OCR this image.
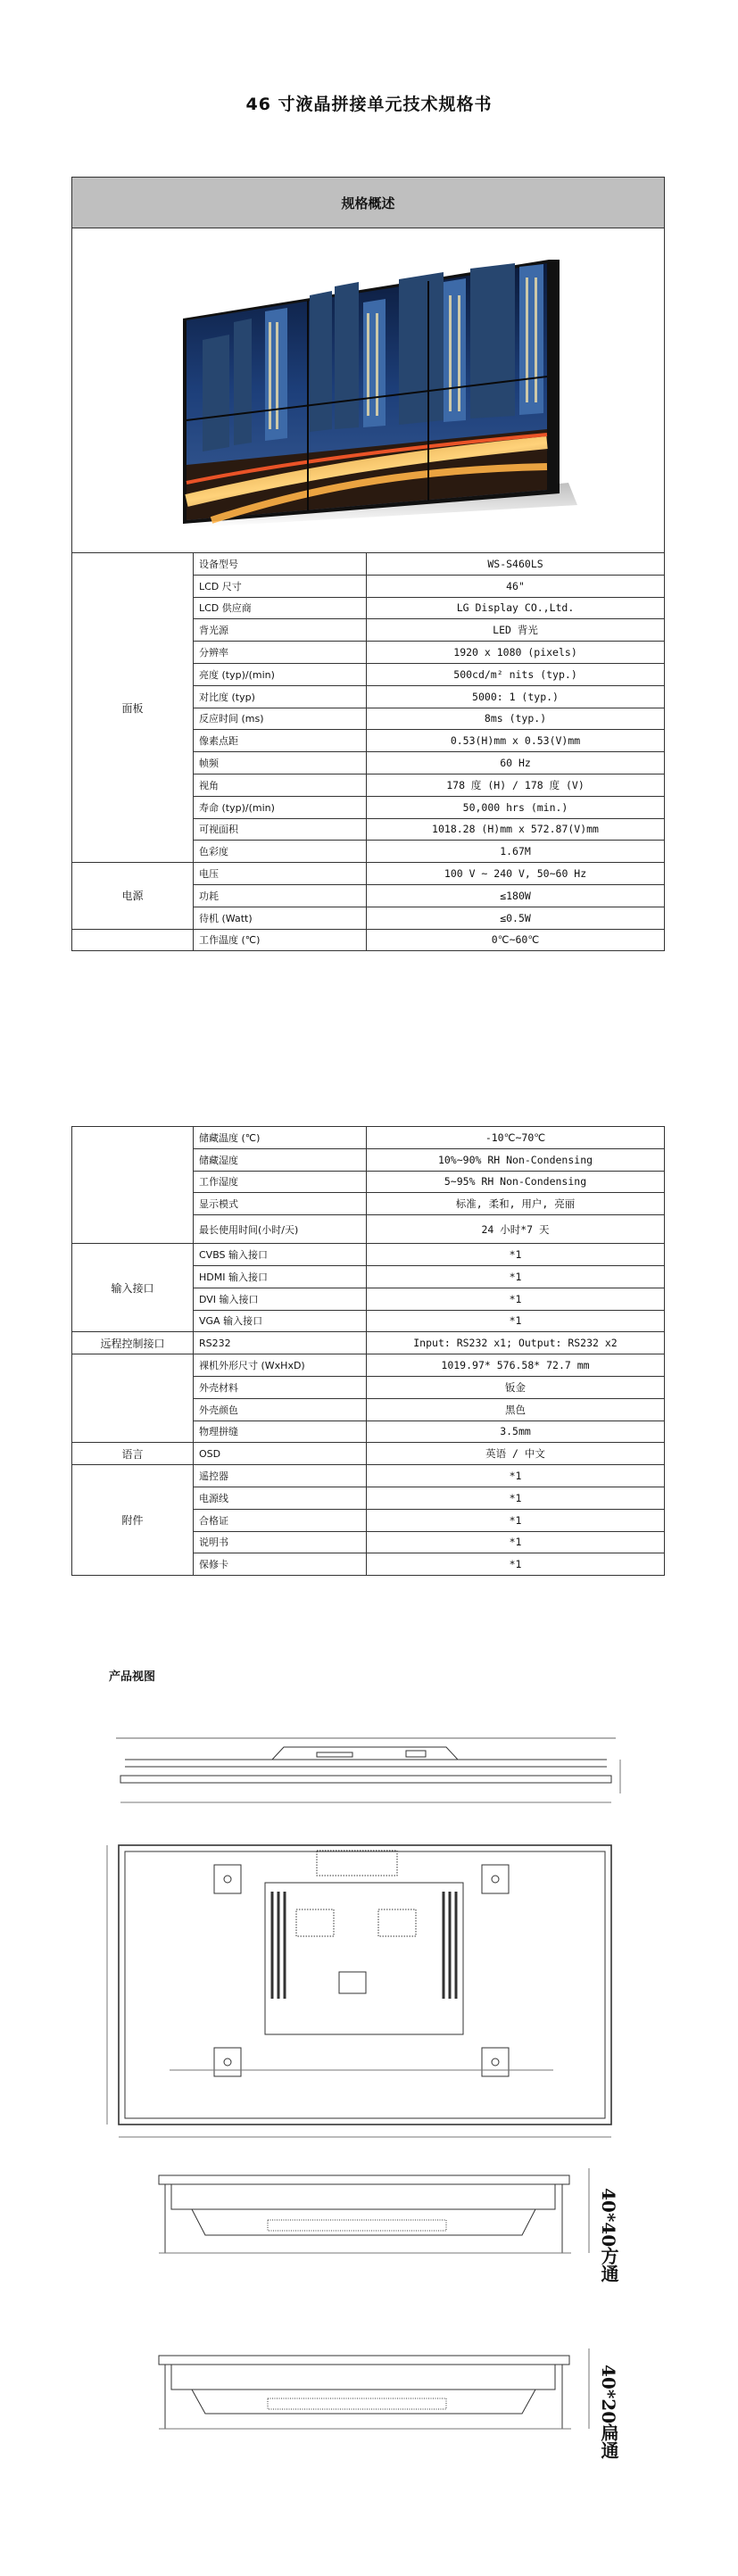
46 寸液晶拼接单元技术规格书
规格概述		

面板	设备型号	WS-S460LS
	LCD 尺寸	46"
	LCD 供应商	LG Display CO.,Ltd.
	背光源	LED 背光
	分辨率	1920 x 1080 (pixels)
	亮度 (typ)/(min)	500cd/m² nits (typ.)
	对比度 (typ)	5000: 1 (typ.)
	反应时间 (ms)	8ms (typ.)
	像素点距	0.53(H)mm x 0.53(V)mm
	帧频	60 Hz
	视角	178 度 (H) / 178 度 (V)
	寿命 (typ)/(min)	50,000 hrs (min.)
	可视面积	1018.28 (H)mm x 572.87(V)mm
	色彩度	1.67M
电源	电压	100 V ~ 240 V, 50~60 Hz
	功耗	≤180W
	待机 (Watt)	≤0.5W
	工作温度 (℃)	0℃~60℃
	储藏温度 (℃)	-10℃~70℃
	储藏湿度	10%~90% RH Non-Condensing
	工作湿度	5~95% RH Non-Condensing
	显示模式	标准, 柔和, 用户, 亮丽
	最长使用时间(小时/天)	24 小时*7 天
输入接口	CVBS 输入接口	*1
	HDMI 输入接口	*1
	DVI 输入接口	*1
	VGA 输入接口	*1
远程控制接口	RS232	Input: RS232 x1; Output: RS232 x2
	裸机外形尺寸 (WxHxD)	1019.97* 576.58* 72.7 mm
	外壳材料	钣金
	外壳颜色	黑色
	物理拼缝	3.5mm
语言	OSD	英语 / 中文
附件	遥控器	*1
	电源线	*1
	合格证	*1
	说明书	*1
	保修卡	*1
产品视图
40*40方通
40*20扁通
